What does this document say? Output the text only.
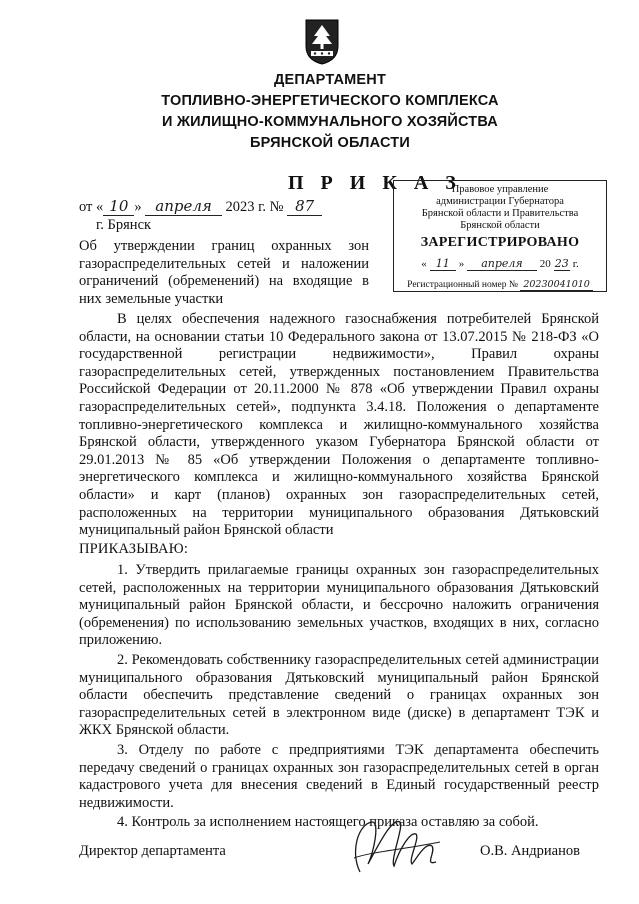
ДЕПАРТАМЕНТ
ТОПЛИВНО-ЭНЕРГЕТИЧЕСКОГО КОМПЛЕКСА
И ЖИЛИЩНО-КОММУНАЛЬНОГО ХОЗЯЙСТВА
БРЯНСКОЙ ОБЛАСТИ
П Р И К А З
Правовое управление
администрации Губернатора
Брянской области и Правительства
Брянской области
ЗАРЕГИСТРИРОВАНО
« 11 »	апреля	20 23 г.
Регистрационный номер № 20230041010
от « 10 » апреля 2023 г. № 87
г. Брянск
Об утверждении границ охранных зон газораспределительных сетей и наложении ограничений (обременений) на входящие в них земельные участки
В целях обеспечения надежного газоснабжения потребителей Брянской области, на основании статьи 10 Федерального закона от 13.07.2015 № 218-ФЗ «О государственной регистрации недвижимости», Правил охраны газораспределительных сетей, утвержденных постановлением Правительства Российской Федерации от 20.11.2000 № 878 «Об утверждении Правил охраны газораспределительных сетей», подпункта 3.4.18. Положения о департаменте топливно-энергетического комплекса и жилищно-коммунального хозяйства Брянской области, утвержденного указом Губернатора Брянской области от 29.01.2013 № 85 «Об утверждении Положения о департаменте топливно-энергетического комплекса и жилищно-коммунального хозяйства Брянской области» и карт (планов) охранных зон газораспределительных сетей, расположенных на территории муниципального образования Дятьковский муниципальный район Брянской области
ПРИКАЗЫВАЮ:

1. Утвердить прилагаемые границы охранных зон газораспределительных сетей, расположенных на территории муниципального образования Дятьковский муниципальный район Брянской области, и бессрочно наложить ограничения (обременения) по использованию земельных участков, входящих в них, согласно приложению.

2. Рекомендовать собственнику газораспределительных сетей администрации муниципального образования Дятьковский муниципальный район Брянской области обеспечить представление сведений о границах охранных зон газораспределительных сетей в электронном виде (диске) в департамент ТЭК и ЖКХ Брянской области.

3. Отделу по работе с предприятиями ТЭК департамента обеспечить передачу сведений о границах охранных зон газораспределительных сетей в орган кадастрового учета для внесения сведений в Единый государственный реестр недвижимости.

4. Контроль за исполнением настоящего приказа оставляю за собой.

Директор департамента	О.В. Андрианов
